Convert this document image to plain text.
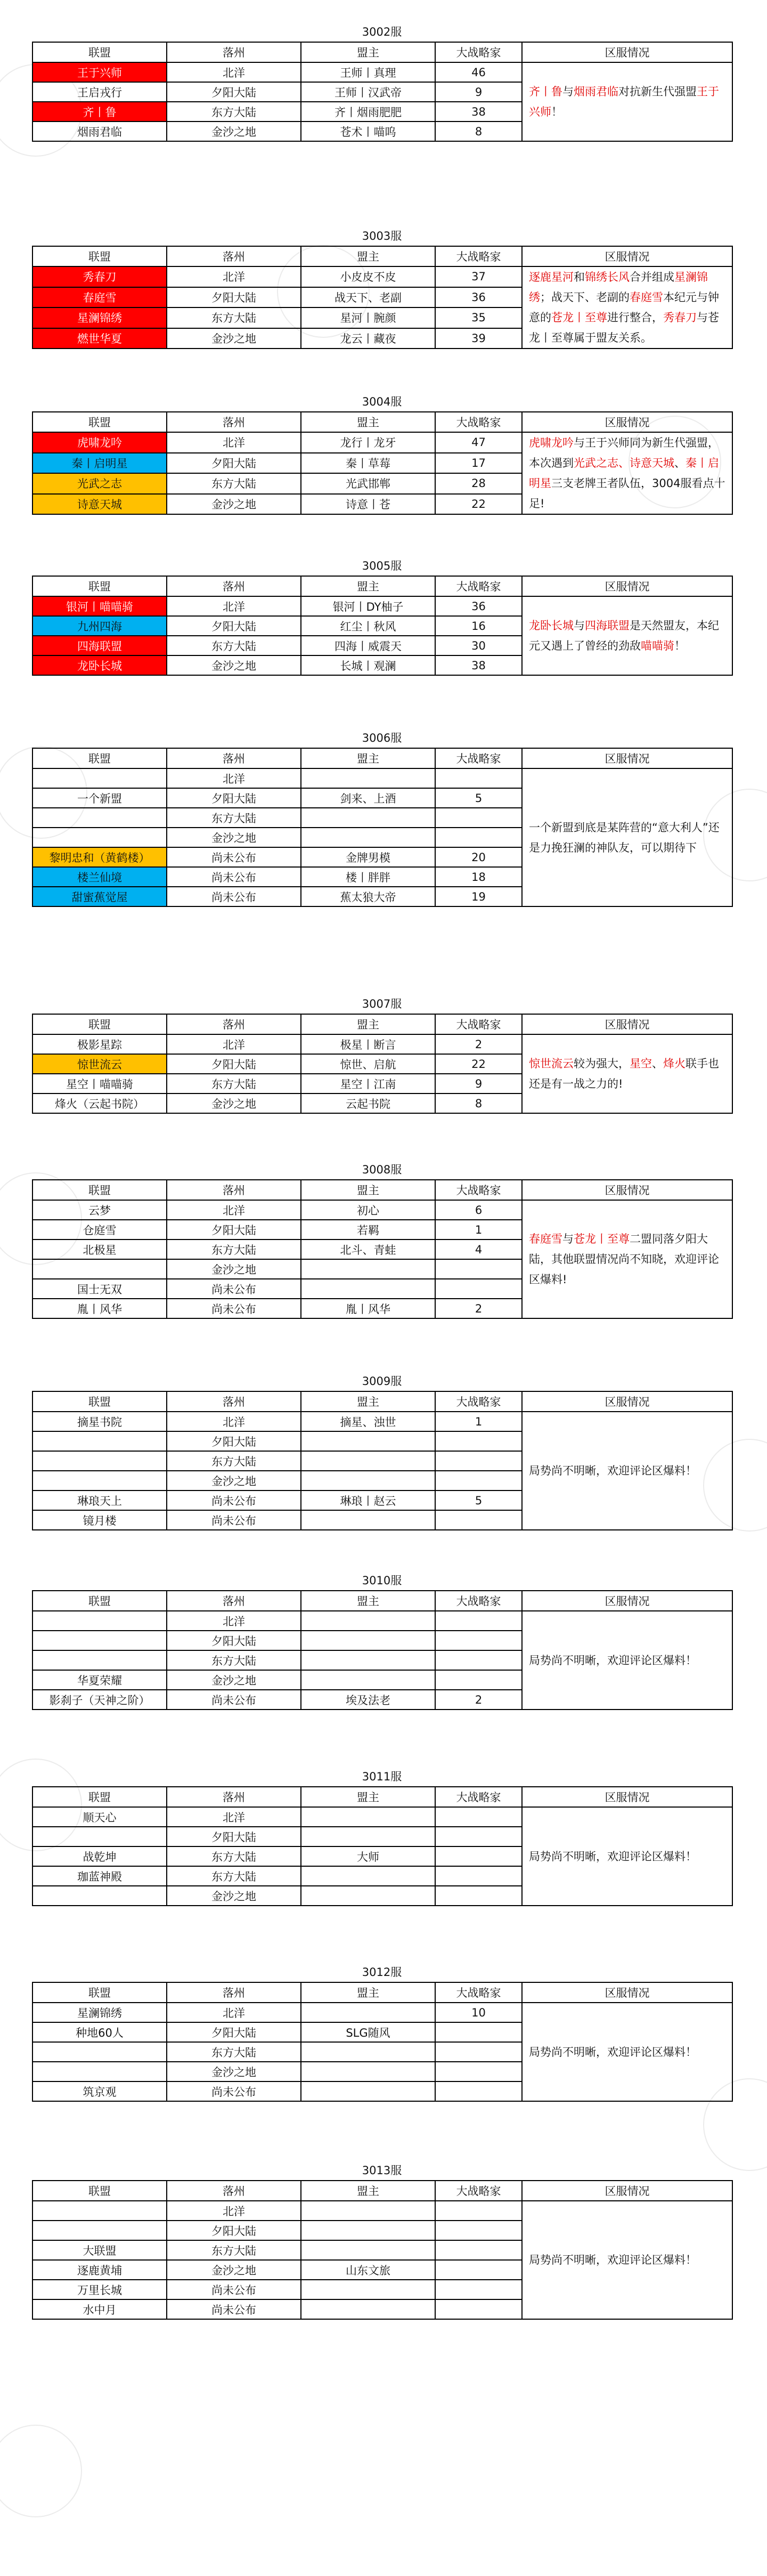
3002服
联盟	落州	盟主	大战略家	区服情况
王于兴师	北洋	王师丨真理	46	齐丨鲁与烟雨君临对抗新生代强盟王于兴师！
王启戎行	夕阳大陆	王师丨汉武帝	9	
齐丨鲁	东方大陆	齐丨烟雨肥肥	38	
烟雨君临	金沙之地	苍术丨喵呜	8	
3003服
联盟	落州	盟主	大战略家	区服情况
秀春刀	北洋	小皮皮不皮	37	逐鹿星河和锦绣长风合并组成星澜锦绣；战天下、老副的春庭雪本纪元与钟意的苍龙丨至尊进行整合，秀春刀与苍龙丨至尊属于盟友关系。
春庭雪	夕阳大陆	战天下、老副	36	
星澜锦绣	东方大陆	星河丨腕颜	35	
燃世华夏	金沙之地	龙云丨藏夜	39	
3004服
联盟	落州	盟主	大战略家	区服情况
虎啸龙吟	北洋	龙行丨龙牙	47	虎啸龙吟与王于兴师同为新生代强盟，本次遇到光武之志、诗意天城、秦丨启明星三支老牌王者队伍，3004服看点十足!
秦丨启明星	夕阳大陆	秦丨草莓	17	
光武之志	东方大陆	光武邯郸	28	
诗意天城	金沙之地	诗意丨苍	22	
3005服
联盟	落州	盟主	大战略家	区服情况
银河丨喵喵骑	北洋	银河丨DY柚子	36	龙卧长城与四海联盟是天然盟友，本纪元又遇上了曾经的劲敌喵喵骑！
九州四海	夕阳大陆	红尘丨秋风	16	
四海联盟	东方大陆	四海丨威震天	30	
龙卧长城	金沙之地	长城丨观澜	38	
3006服
联盟	落州	盟主	大战略家	区服情况
	北洋			一个新盟到底是某阵营的“意大利人”还是力挽狂澜的神队友，可以期待下
一个新盟	夕阳大陆	剑来、上酒	5	
	东方大陆			
	金沙之地			
黎明忠和（黄鹤楼）	尚未公布	金牌男模	20	
楼兰仙境	尚未公布	楼丨胖胖	18	
甜蜜蕉觉屋	尚未公布	蕉太狼大帝	19	
3007服
联盟	落州	盟主	大战略家	区服情况
极影星踪	北洋	极星丨断言	2	惊世流云较为强大，星空、烽火联手也还是有一战之力的!
惊世流云	夕阳大陆	惊世、启航	22	
星空丨喵喵骑	东方大陆	星空丨江南	9	
烽火（云起书院）	金沙之地	云起书院	8	
3008服
联盟	落州	盟主	大战略家	区服情况
云梦	北洋	初心	6	春庭雪与苍龙丨至尊二盟同落夕阳大陆，其他联盟情况尚不知晓，欢迎评论区爆料!
仓庭雪	夕阳大陆	若羁	1	
北极星	东方大陆	北斗、青蛙	4	
	金沙之地			
国士无双	尚未公布			
胤丨风华	尚未公布	胤丨风华	2	
3009服
联盟	落州	盟主	大战略家	区服情况
摘星书院	北洋	摘星、浊世	1	局势尚不明晰，欢迎评论区爆料！
	夕阳大陆			
	东方大陆			
	金沙之地			
琳琅天上	尚未公布	琳琅丨赵云	5	
镜月楼	尚未公布			
3010服
联盟	落州	盟主	大战略家	区服情况
	北洋			局势尚不明晰，欢迎评论区爆料！
	夕阳大陆			
	东方大陆			
华夏荣耀	金沙之地			
影刹子（天神之阶）	尚未公布	埃及法老	2	
3011服
联盟	落州	盟主	大战略家	区服情况
顺天心	北洋			局势尚不明晰，欢迎评论区爆料！
	夕阳大陆			
战乾坤	东方大陆	大师		
珈蓝神殿	东方大陆			
	金沙之地			
3012服
联盟	落州	盟主	大战略家	区服情况
星澜锦绣	北洋		10	局势尚不明晰，欢迎评论区爆料！
种地60人	夕阳大陆	SLG随风		
	东方大陆			
	金沙之地			
筑京观	尚未公布			
3013服
联盟	落州	盟主	大战略家	区服情况
	北洋			局势尚不明晰，欢迎评论区爆料！
	夕阳大陆			
大联盟	东方大陆			
逐鹿黄埔	金沙之地	山东文旅		
万里长城	尚未公布			
水中月	尚未公布			
